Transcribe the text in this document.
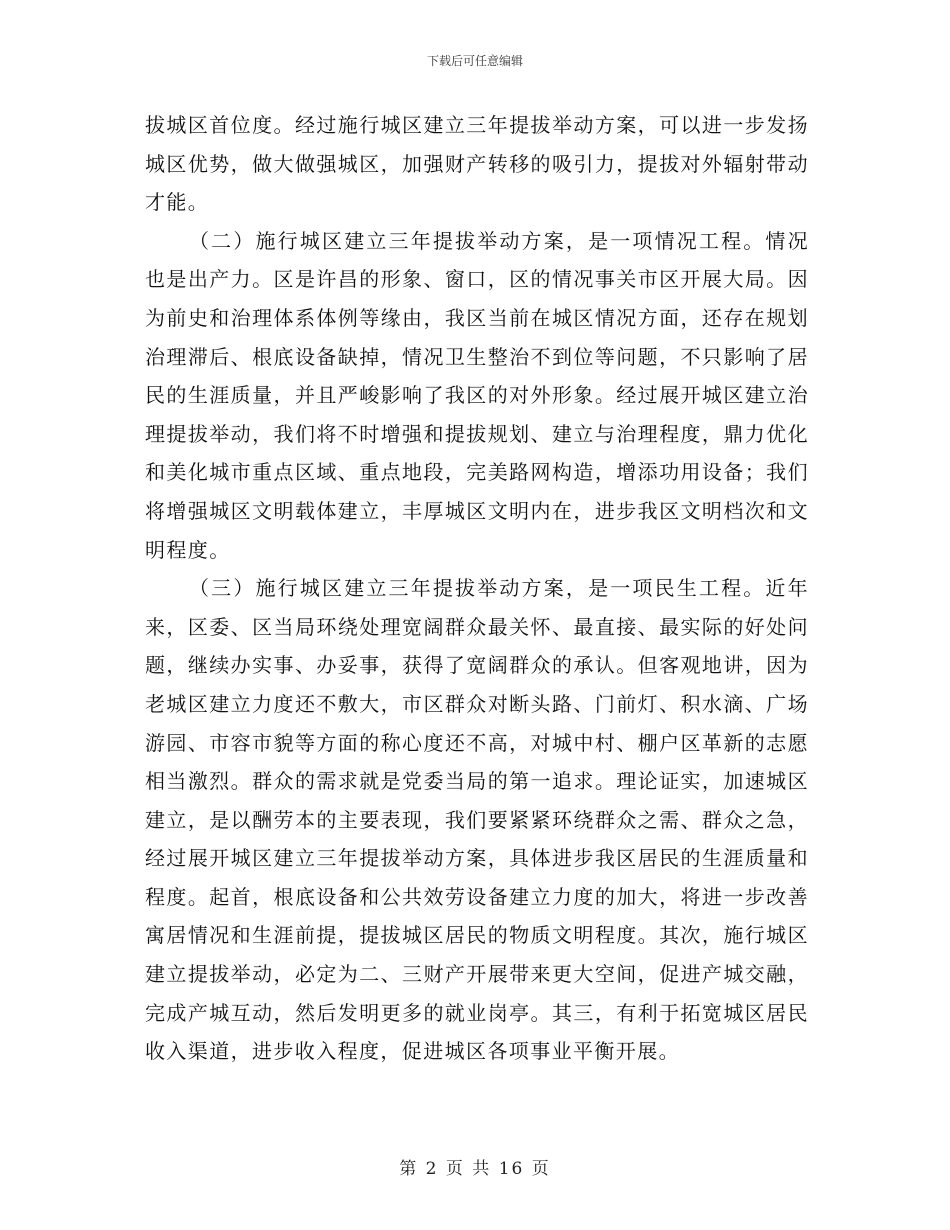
下载后可任意编辑

拔城区首位度。经过施行城区建立三年提拔举动方案，可以进一步发扬城区优势，做大做强城区，加强财产转移的吸引力，提拔对外辐射带动才能。

（二）施行城区建立三年提拔举动方案，是一项情况工程。情况也是出产力。区是许昌的形象、窗口，区的情况事关市区开展大局。因为前史和治理体系体例等缘由，我区当前在城区情况方面，还存在规划治理滞后、根底设备缺掉，情况卫生整治不到位等问题，不只影响了居民的生涯质量，并且严峻影响了我区的对外形象。经过展开城区建立治理提拔举动，我们将不时增强和提拔规划、建立与治理程度，鼎力优化和美化城市重点区域、重点地段，完美路网构造，增添功用设备；我们将增强城区文明载体建立，丰厚城区文明内在，进步我区文明档次和文明程度。

（三）施行城区建立三年提拔举动方案，是一项民生工程。近年来，区委、区当局环绕处理宽阔群众最关怀、最直接、最实际的好处问题，继续办实事、办妥事，获得了宽阔群众的承认。但客观地讲，因为老城区建立力度还不敷大，市区群众对断头路、门前灯、积水滴、广场游园、市容市貌等方面的称心度还不高，对城中村、棚户区革新的志愿相当激烈。群众的需求就是党委当局的第一追求。理论证实，加速城区建立，是以酬劳本的主要表现，我们要紧紧环绕群众之需、群众之急，经过展开城区建立三年提拔举动方案，具体进步我区居民的生涯质量和程度。起首，根底设备和公共效劳设备建立力度的加大，将进一步改善寓居情况和生涯前提，提拔城区居民的物质文明程度。其次，施行城区建立提拔举动，必定为二、三财产开展带来更大空间，促进产城交融，完成产城互动，然后发明更多的就业岗亭。其三，有利于拓宽城区居民收入渠道，进步收入程度，促进城区各项事业平衡开展。

第 2 页 共 16 页
